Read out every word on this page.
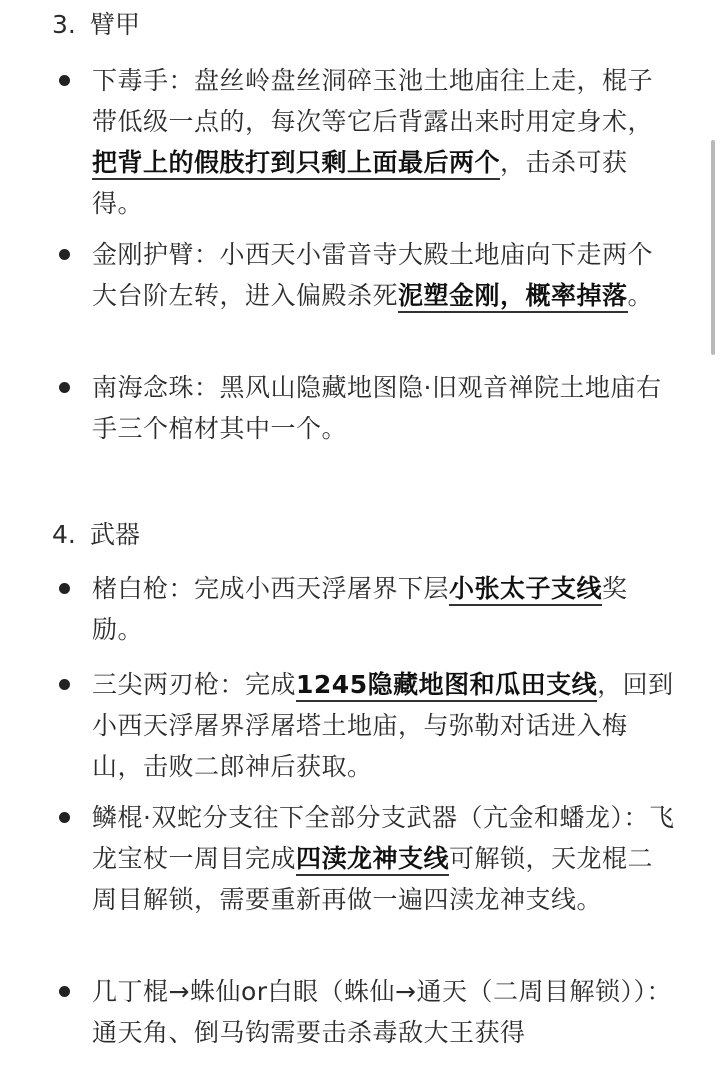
3. 臂甲
下毒手：盘丝岭盘丝洞碎玉池土地庙往上走，棍子带低级一点的，每次等它后背露出来时用定身术，把背上的假肢打到只剩上面最后两个，击杀可获得。
金刚护臂：小西天小雷音寺大殿土地庙向下走两个大台阶左转，进入偏殿杀死泥塑金刚，概率掉落。
南海念珠：黑风山隐藏地图隐·旧观音禅院土地庙右手三个棺材其中一个。
4. 武器
楮白枪：完成小西天浮屠界下层小张太子支线奖励。
三尖两刃枪：完成1245隐藏地图和瓜田支线，回到小西天浮屠界浮屠塔土地庙，与弥勒对话进入梅山，击败二郎神后获取。
鳞棍·双蛇分支往下全部分支武器（亢金和蟠龙）：飞龙宝杖一周目完成四渎龙神支线可解锁，天龙棍二周目解锁，需要重新再做一遍四渎龙神支线。
几丁棍→蛛仙or白眼（蛛仙→通天（二周目解锁））：通天角、倒马钩需要击杀毒敌大王获得
